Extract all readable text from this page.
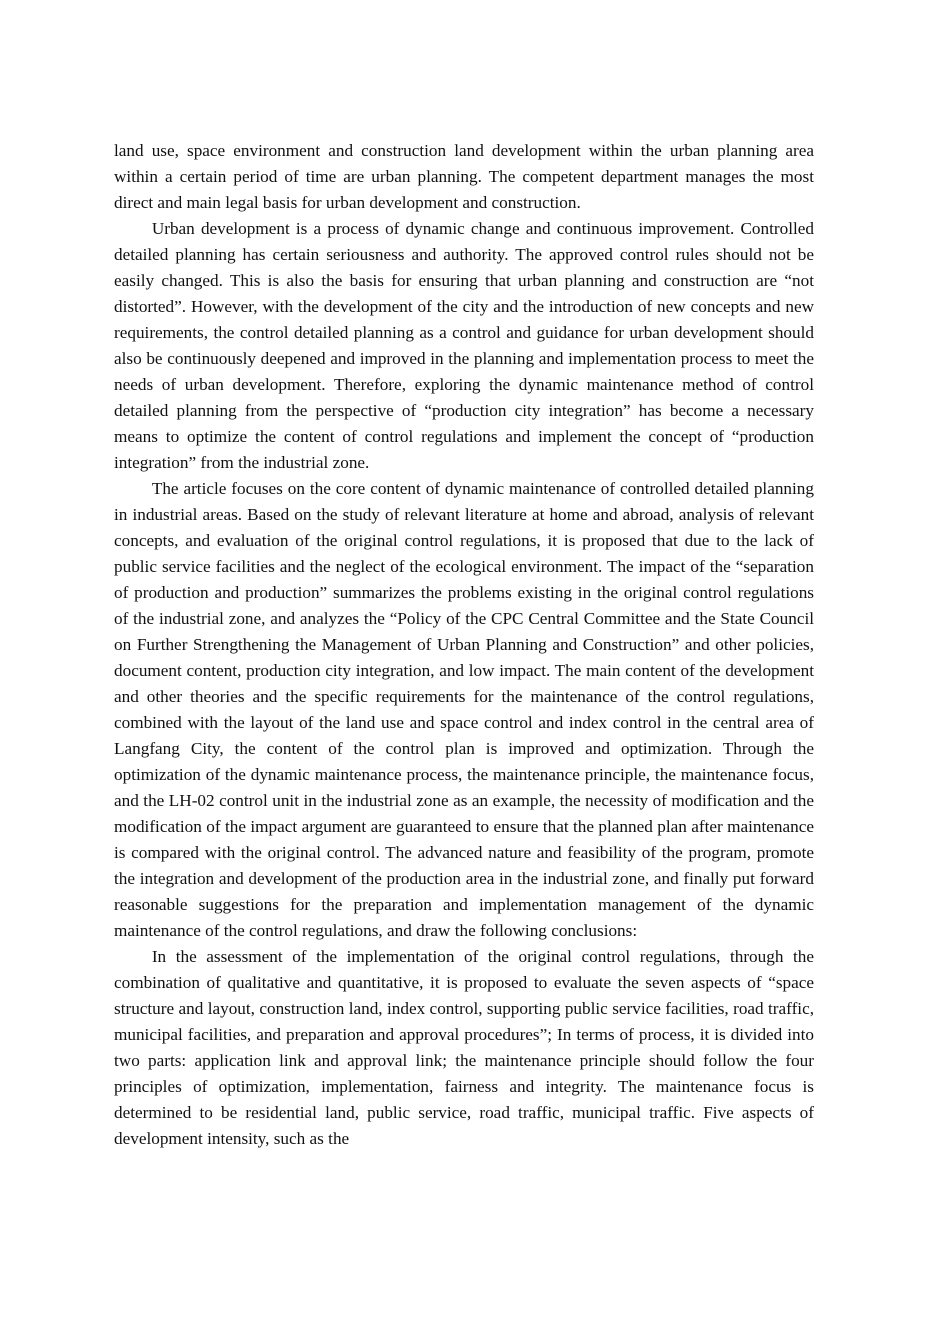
land use, space environment and construction land development within the urban planning area within a certain period of time are urban planning. The competent department manages the most direct and main legal basis for urban development and construction.

Urban development is a process of dynamic change and continuous improvement. Controlled detailed planning has certain seriousness and authority. The approved control rules should not be easily changed. This is also the basis for ensuring that urban planning and construction are “not distorted”. However, with the development of the city and the introduction of new concepts and new requirements, the control detailed planning as a control and guidance for urban development should also be continuously deepened and improved in the planning and implementation process to meet the needs of urban development. Therefore, exploring the dynamic maintenance method of control detailed planning from the perspective of “production city integration” has become a necessary means to optimize the content of control regulations and implement the concept of “production integration” from the industrial zone.

The article focuses on the core content of dynamic maintenance of controlled detailed planning in industrial areas. Based on the study of relevant literature at home and abroad, analysis of relevant concepts, and evaluation of the original control regulations, it is proposed that due to the lack of public service facilities and the neglect of the ecological environment. The impact of the “separation of production and production” summarizes the problems existing in the original control regulations of the industrial zone, and analyzes the “Policy of the CPC Central Committee and the State Council on Further Strengthening the Management of Urban Planning and Construction” and other policies, document content, production city integration, and low impact. The main content of the development and other theories and the specific requirements for the maintenance of the control regulations, combined with the layout of the land use and space control and index control in the central area of Langfang City, the content of the control plan is improved and optimization. Through the optimization of the dynamic maintenance process, the maintenance principle, the maintenance focus, and the LH-02 control unit in the industrial zone as an example, the necessity of modification and the modification of the impact argument are guaranteed to ensure that the planned plan after maintenance is compared with the original control. The advanced nature and feasibility of the program, promote the integration and development of the production area in the industrial zone, and finally put forward reasonable suggestions for the preparation and implementation management of the dynamic maintenance of the control regulations, and draw the following conclusions:

In the assessment of the implementation of the original control regulations, through the combination of qualitative and quantitative, it is proposed to evaluate the seven aspects of “space structure and layout, construction land, index control, supporting public service facilities, road traffic, municipal facilities, and preparation and approval procedures”; In terms of process, it is divided into two parts: application link and approval link; the maintenance principle should follow the four principles of optimization, implementation, fairness and integrity. The maintenance focus is determined to be residential land, public service, road traffic, municipal traffic. Five aspects of development intensity, such as the
